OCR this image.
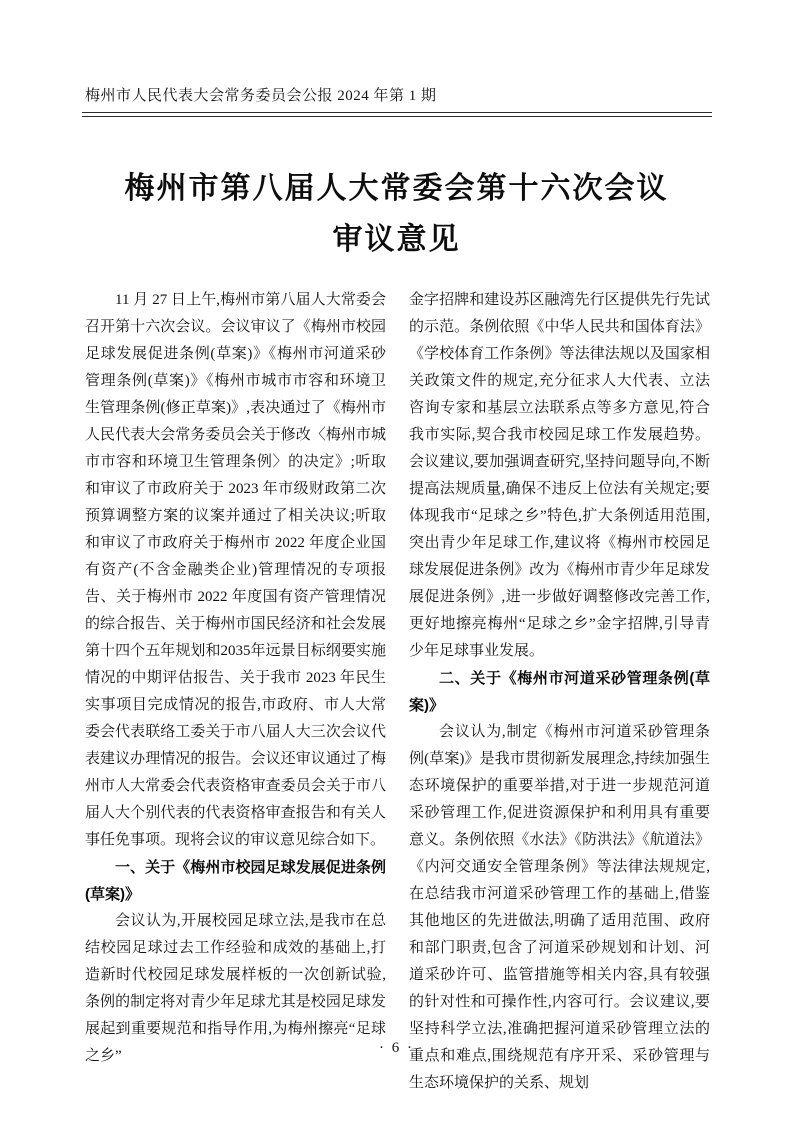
梅州市人民代表大会常务委员会公报 2024 年第 1 期
梅州市第八届人大常委会第十六次会议
审议意见

11 月 27 日上午,梅州市第八届人大常委会召开第十六次会议。会议审议了《梅州市校园足球发展促进条例(草案)》《梅州市河道采砂管理条例(草案)》《梅州市城市市容和环境卫生管理条例(修正草案)》,表决通过了《梅州市人民代表大会常务委员会关于修改〈梅州市城市市容和环境卫生管理条例〉的决定》;听取和审议了市政府关于 2023 年市级财政第二次预算调整方案的议案并通过了相关决议;听取和审议了市政府关于梅州市 2022 年度企业国有资产(不含金融类企业)管理情况的专项报告、关于梅州市 2022 年度国有资产管理情况的综合报告、关于梅州市国民经济和社会发展第十四个五年规划和2035年远景目标纲要实施情况的中期评估报告、关于我市 2023 年民生实事项目完成情况的报告,市政府、市人大常委会代表联络工委关于市八届人大三次会议代表建议办理情况的报告。会议还审议通过了梅州市人大常委会代表资格审查委员会关于市八届人大个别代表的代表资格审查报告和有关人事任免事项。现将会议的审议意见综合如下。

一、关于《梅州市校园足球发展促进条例(草案)》

会议认为,开展校园足球立法,是我市在总结校园足球过去工作经验和成效的基础上,打造新时代校园足球发展样板的一次创新试验,条例的制定将对青少年足球尤其是校园足球发展起到重要规范和指导作用,为梅州擦亮“足球之乡”

金字招牌和建设苏区融湾先行区提供先行先试的示范。条例依照《中华人民共和国体育法》《学校体育工作条例》等法律法规以及国家相关政策文件的规定,充分征求人大代表、立法咨询专家和基层立法联系点等多方意见,符合我市实际,契合我市校园足球工作发展趋势。会议建议,要加强调查研究,坚持问题导向,不断提高法规质量,确保不违反上位法有关规定;要体现我市“足球之乡”特色,扩大条例适用范围,突出青少年足球工作,建议将《梅州市校园足球发展促进条例》改为《梅州市青少年足球发展促进条例》,进一步做好调整修改完善工作,更好地擦亮梅州“足球之乡”金字招牌,引导青少年足球事业发展。

二、关于《梅州市河道采砂管理条例(草案)》

会议认为,制定《梅州市河道采砂管理条例(草案)》是我市贯彻新发展理念,持续加强生态环境保护的重要举措,对于进一步规范河道采砂管理工作,促进资源保护和利用具有重要意义。条例依照《水法》《防洪法》《航道法》《内河交通安全管理条例》等法律法规规定,在总结我市河道采砂管理工作的基础上,借鉴其他地区的先进做法,明确了适用范围、政府和部门职责,包含了河道采砂规划和计划、河道采砂许可、监管措施等相关内容,具有较强的针对性和可操作性,内容可行。会议建议,要坚持科学立法,准确把握河道采砂管理立法的重点和难点,围绕规范有序开采、采砂管理与生态环境保护的关系、规划

· 6 ·
